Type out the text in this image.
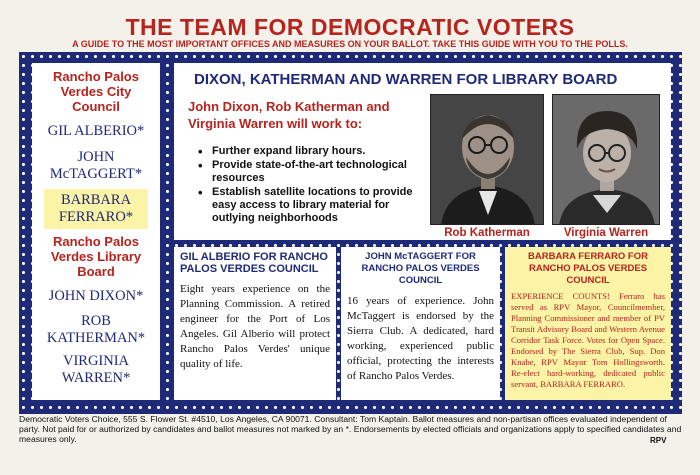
THE TEAM FOR DEMOCRATIC VOTERS
A GUIDE TO THE MOST IMPORTANT OFFICES AND MEASURES ON YOUR BALLOT. TAKE THIS GUIDE WITH YOU TO THE POLLS.
Rancho Palos Verdes City Council
GIL ALBERIO*
JOHN McTAGGERT*
BARBARA FERRARO*
Rancho Palos Verdes Library Board
JOHN DIXON*
ROB KATHERMAN*
VIRGINIA WARREN*
DIXON, KATHERMAN AND WARREN FOR LIBRARY BOARD
John Dixon, Rob Katherman and Virginia Warren will work to:
• Further expand library hours.
• Provide state-of-the-art technological resources
• Establish satellite locations to provide easy access to library material for outlying neighborhoods
Rob Katherman	Virginia Warren
GIL ALBERIO FOR RANCHO PALOS VERDES COUNCIL
Eight years experience on the Planning Commission. A retired engineer for the Port of Los Angeles. Gil Alberio will protect Rancho Palos Verdes' unique quality of life.
JOHN McTAGGERT FOR RANCHO PALOS VERDES COUNCIL
16 years of experience. John McTaggert is endorsed by the Sierra Club. A dedicated, hard working, experienced public official, protecting the interests of Rancho Palos Verdes.
BARBARA FERRARO FOR RANCHO PALOS VERDES COUNCIL
EXPERIENCE COUNTS! Ferraro has served as RPV Mayor, Councilmember, Planning Commissioner and member of PV Transit Advisory Board and Western Avenue Corridor Task Force. Votes for Open Space. Endorsed by The Sierra Club, Sup. Don Knabe, RPV Mayor Tom Hollingsworth. Re-elect hard-working, dedicated public servant, BARBARA FERRARO.
Democratic Voters Choice, 555 S. Flower St. #4510, Los Angeles, CA 90071. Consultant: Tom Kaptain. Ballot measures and non-partisan offices evaluated independent of party. Not paid for or authorized by candidates and ballot measures not marked by an *. Endorsements by elected officials and organizations apply to specified candidates and measures only.	RPV
